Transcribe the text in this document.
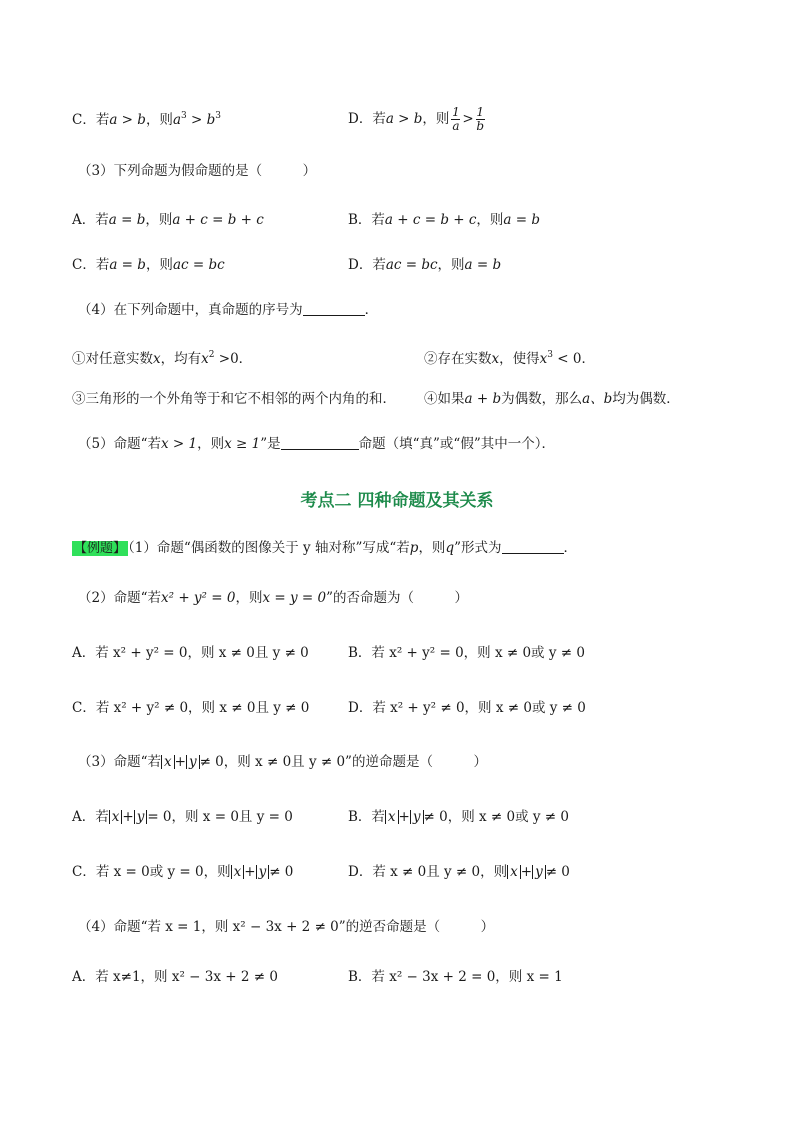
C．若a > b，则$a^3 > b^3$	D．若a > b，则 $\frac{1}{a} > \frac{1}{b}$
（3）下列命题为假命题的是（　　　）
A．若a = b，则a + c = b + c	B．若a + c = b + c，则a = b
C．若a = b，则ac = bc	D．若ac = bc，则a = b
（4）在下列命题中，真命题的序号为	．
①对任意实数x，均有$x^2 >0$．	②存在实数x，使得$x^3 < 0$．
③三角形的一个外角等于和它不相邻的两个内角的和． ④如果a + b为偶数，那么a、b均为偶数．
（5）命题“若x > 1，则x ≥ 1”是	命题（填“真”或“假”其中一个）．
考点二 四种命题及其关系
【例题】 （1）命题“偶函数的图像关于 y 轴对称”写成“若p，则q”形式为	．
（2）命题“若x² + y² = 0，则x = y = 0”的否命题为（　　　）
A．若 x² + y² = 0，则 x ≠ 0且 y ≠ 0	B．若 x² + y² = 0，则 x ≠ 0或 y ≠ 0
C．若 x² + y² ≠ 0，则 x ≠ 0且 y ≠ 0	D．若 x² + y² ≠ 0，则 x ≠ 0或 y ≠ 0
（3）命题“若 x + y ≠ 0，则 x ≠ 0且 y ≠ 0”的逆命题是（　　　）
A．若 x + y = 0，则 x = 0且 y = 0	B．若 x + y ≠ 0，则 x ≠ 0或 y ≠ 0
C．若 x = 0或 y = 0，则 x + y ≠ 0	D．若 x ≠ 0且 y ≠ 0，则 x + y ≠ 0
（4）命题“若 x = 1，则 x² − 3x + 2 ≠ 0”的逆否命题是（　　　）
A．若 x≠1，则 x² − 3x + 2 ≠ 0	B．若 x² − 3x + 2 = 0，则 x = 1
